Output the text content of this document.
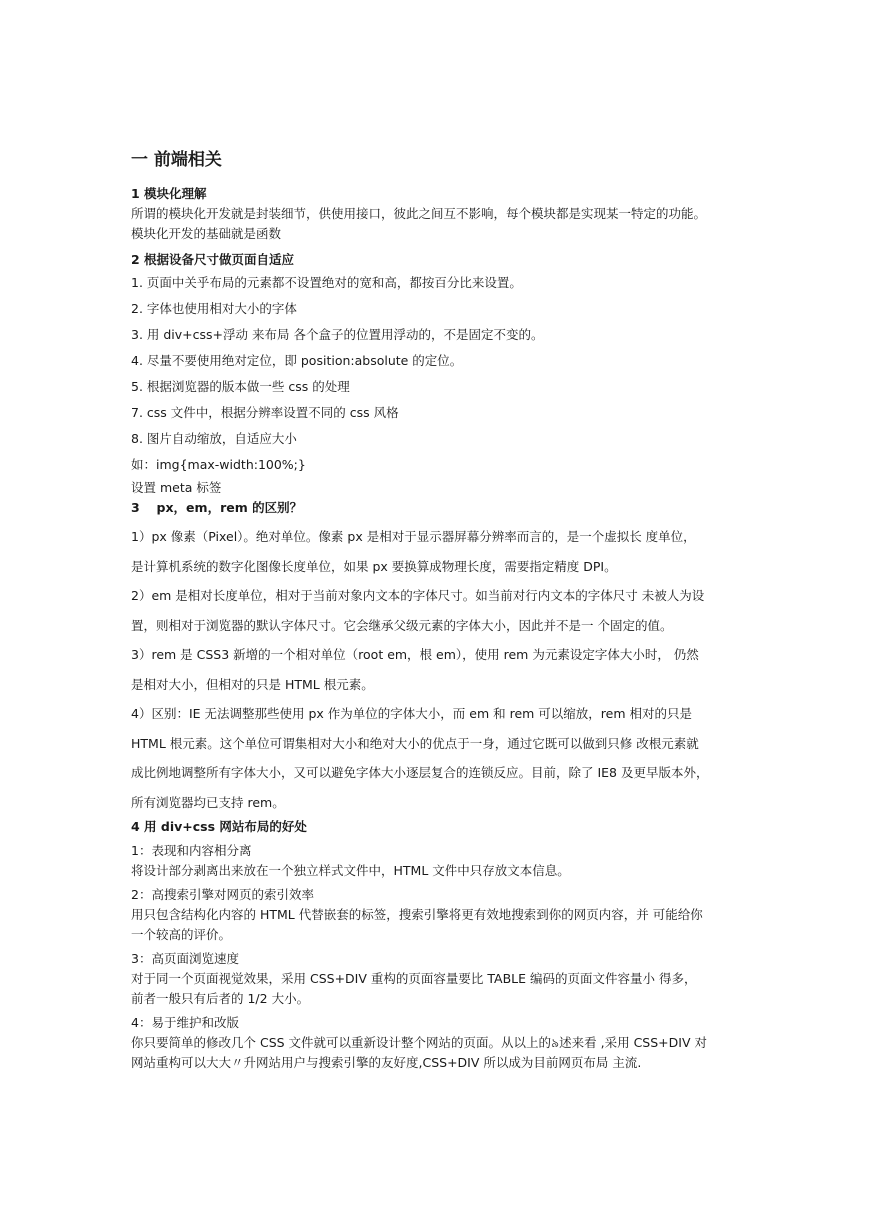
一 前端相关
1 模块化理解
所谓的模块化开发就是封装细节，供使用接口，彼此之间互不影响，每个模块都是实现某一特定的功能。
模块化开发的基础就是函数
2 根据设备尺寸做页面自适应
1. 页面中关乎布局的元素都不设置绝对的宽和高，都按百分比来设置。
2. 字体也使用相对大小的字体
3. 用 div+css+浮动 来布局 各个盒子的位置用浮动的，不是固定不变的。
4. 尽量不要使用绝对定位，即 position:absolute 的定位。
5. 根据浏览器的版本做一些 css 的处理
7. css 文件中，根据分辨率设置不同的 css 风格
8. 图片自动缩放，自适应大小
如：img{max-width:100%;}
设置 meta 标签
3 　px，em，rem 的区别？
1）px 像素（Pixel）。绝对单位。像素 px 是相对于显示器屏幕分辨率而言的，是一个虚拟长 度单位，
是计算机系统的数字化图像长度单位，如果 px 要换算成物理长度，需要指定精度 DPI。
2）em 是相对长度单位，相对于当前对象内文本的字体尺寸。如当前对行内文本的字体尺寸 未被人为设
置，则相对于浏览器的默认字体尺寸。它会继承父级元素的字体大小，因此并不是一 个固定的值。
3）rem 是 CSS3 新增的一个相对单位（root em，根 em），使用 rem 为元素设定字体大小时， 仍然
是相对大小，但相对的只是 HTML 根元素。
4）区别：IE 无法调整那些使用 px 作为单位的字体大小，而 em 和 rem 可以缩放，rem 相对的只是
HTML 根元素。这个单位可谓集相对大小和绝对大小的优点于一身，通过它既可以做到只修 改根元素就
成比例地调整所有字体大小，又可以避免字体大小逐层复合的连锁反应。目前，除了 IE8 及更早版本外，
所有浏览器均已支持 rem。
4 用 div+css 网站布局的好处
1：表现和内容相分离
将设计部分剥离出来放在一个独立样式文件中，HTML 文件中只存放文本信息。
2：高搜索引擎对网页的索引效率
用只包含结构化内容的 HTML 代替嵌套的标签，搜索引擎将更有效地搜索到你的网页内容，并 可能给你
一个较高的评价。
3：高页面浏览速度
对于同一个页面视觉效果，采用 CSS+DIV 重构的页面容量要比 TABLE 编码的页面文件容量小 得多，
前者一般只有后者的 1/2 大小。
4：易于维护和改版
你只要简单的修改几个 CSS 文件就可以重新设计整个网站的页面。从以上的৯述来看 ,采用 CSS+DIV 对
网站重构可以大大〃升网站用户与搜索引擎的友好度,CSS+DIV 所以成为目前网页布局 主流.
